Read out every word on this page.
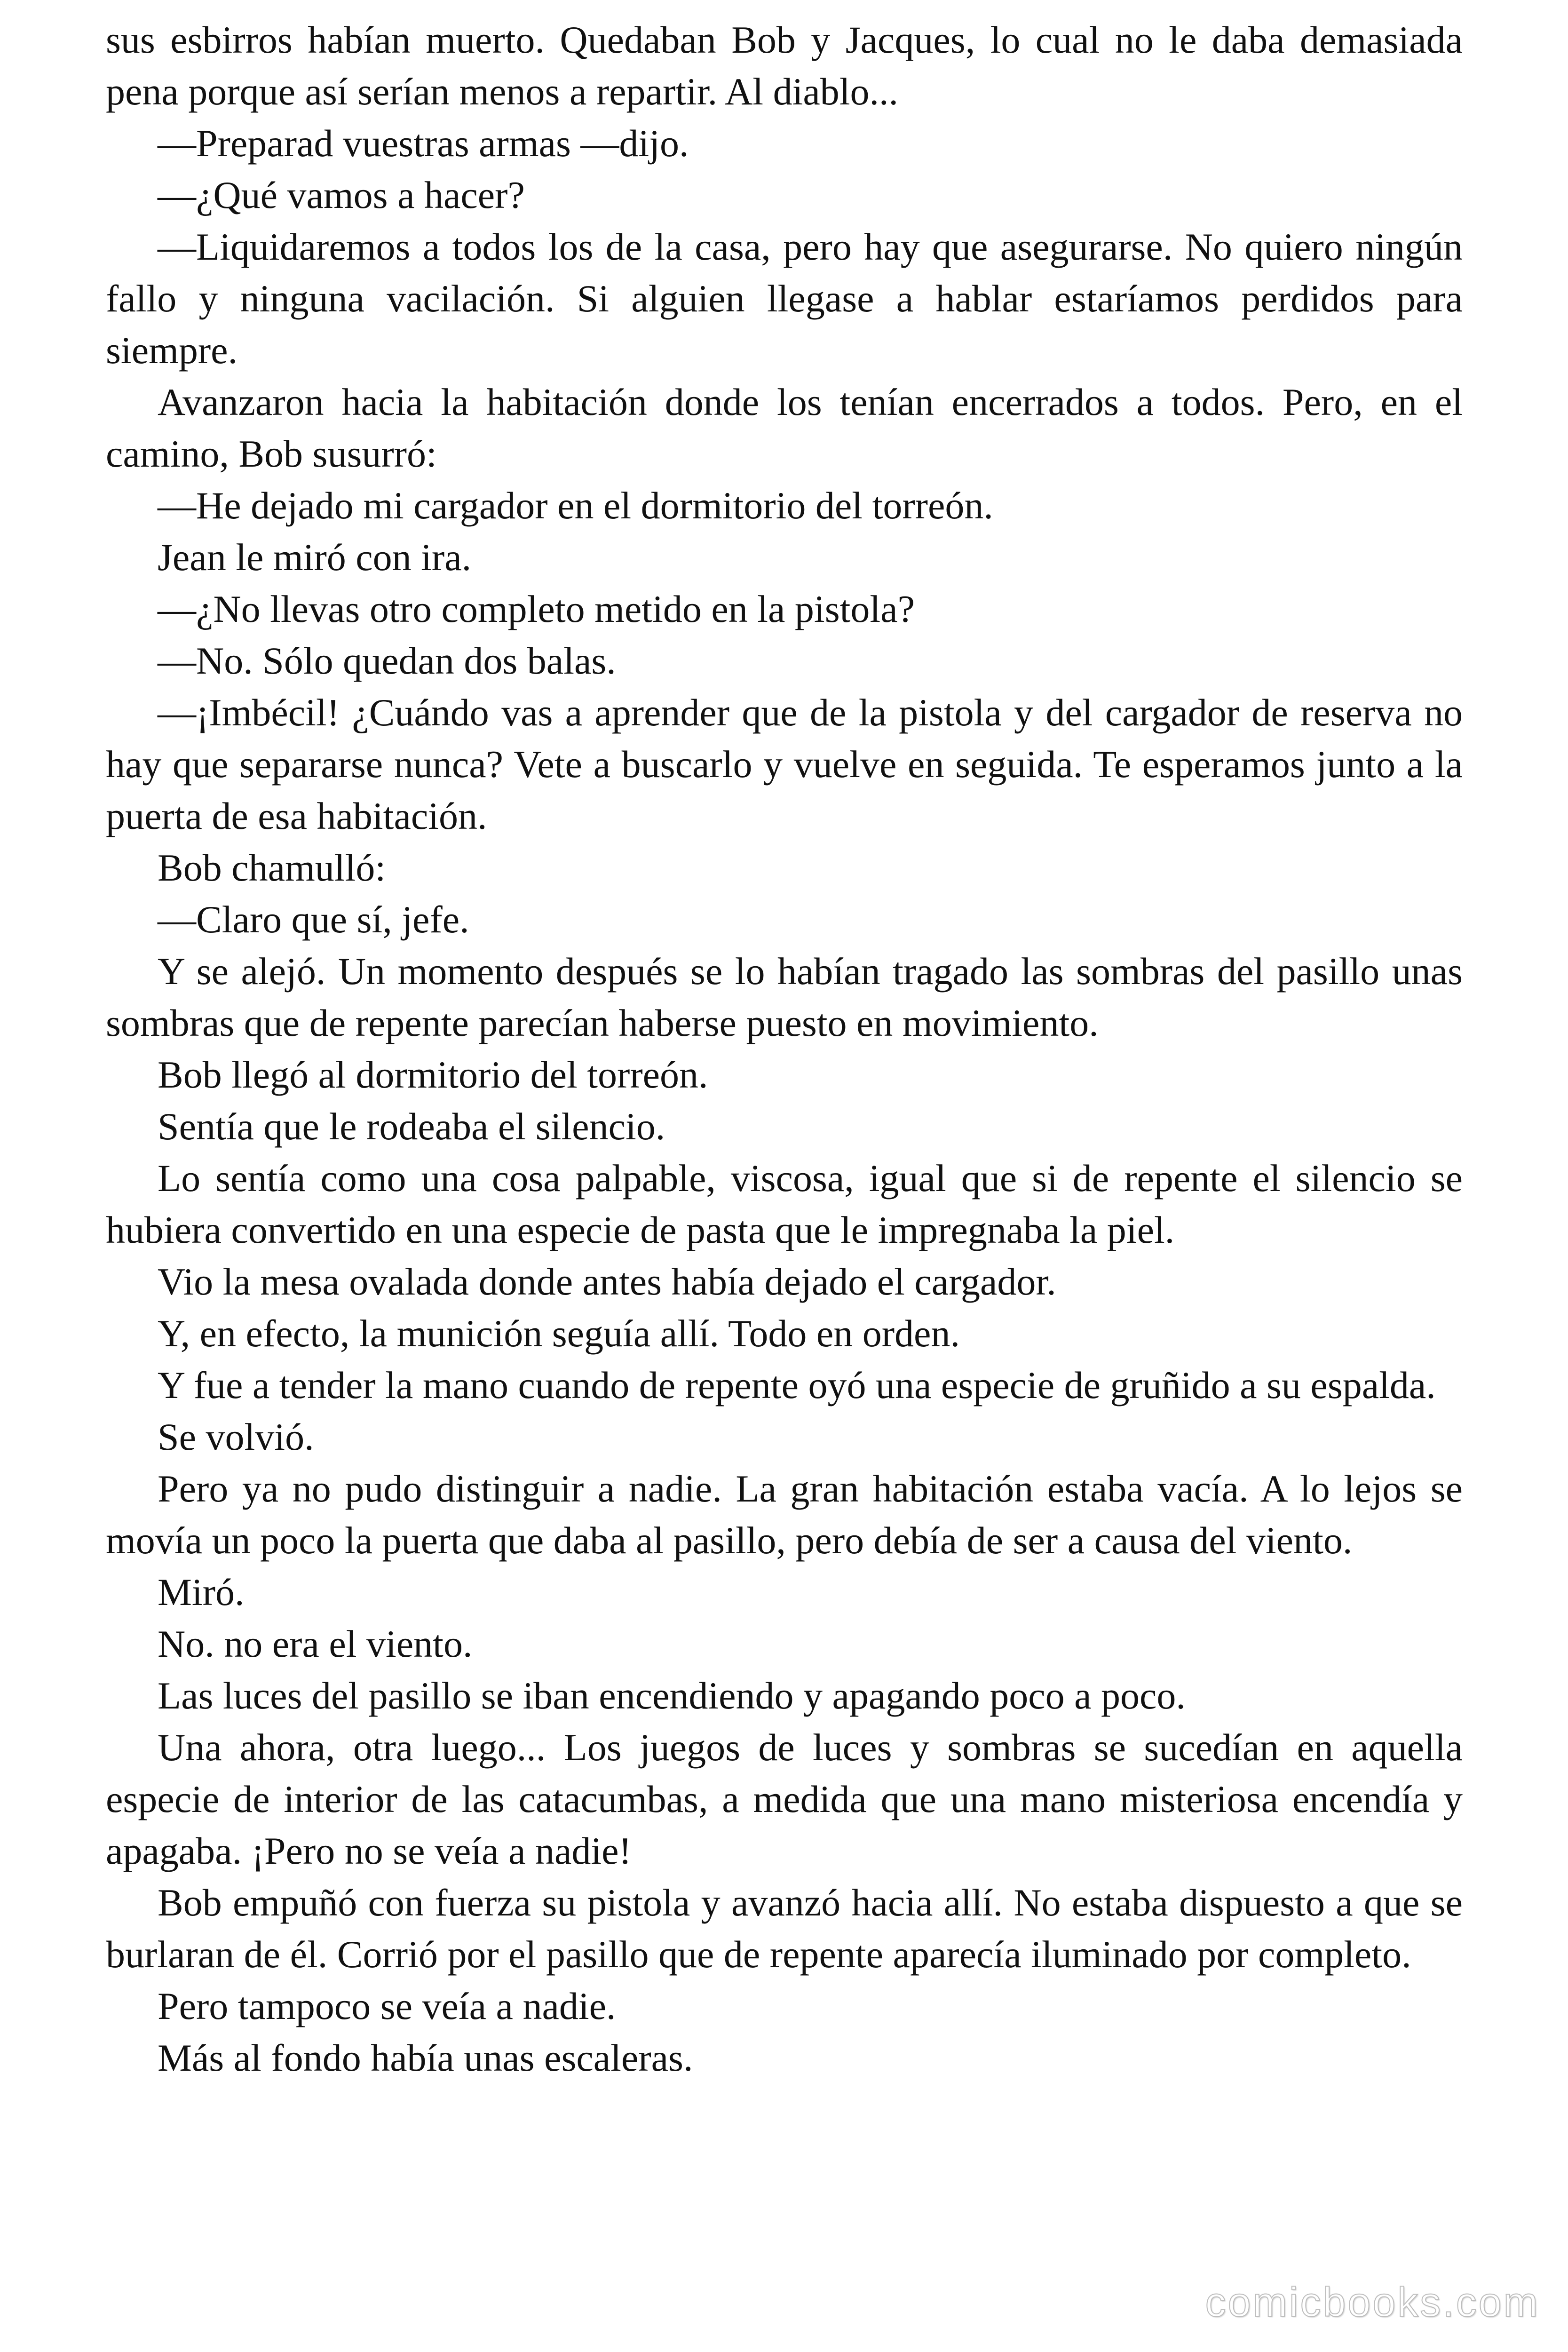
sus esbirros habían muerto. Quedaban Bob y Jacques, lo cual no le daba demasiada pena porque así serían menos a repartir. Al diablo...

—Preparad vuestras armas —dijo.

—¿Qué vamos a hacer?

—Liquidaremos a todos los de la casa, pero hay que asegurarse. No quiero ningún fallo y ninguna vacilación. Si alguien llegase a hablar estaríamos perdidos para siempre.

Avanzaron hacia la habitación donde los tenían encerrados a todos. Pero, en el camino, Bob susurró:

—He dejado mi cargador en el dormitorio del torreón.

Jean le miró con ira.

—¿No llevas otro completo metido en la pistola?

—No. Sólo quedan dos balas.

—¡Imbécil! ¿Cuándo vas a aprender que de la pistola y del cargador de reserva no hay que separarse nunca? Vete a buscarlo y vuelve en seguida. Te esperamos junto a la puerta de esa habitación.

Bob chamulló:

—Claro que sí, jefe.

Y se alejó. Un momento después se lo habían tragado las sombras del pasillo unas sombras que de repente parecían haberse puesto en movimiento.

Bob llegó al dormitorio del torreón.

Sentía que le rodeaba el silencio.

Lo sentía como una cosa palpable, viscosa, igual que si de repente el silencio se hubiera convertido en una especie de pasta que le impregnaba la piel.

Vio la mesa ovalada donde antes había dejado el cargador.

Y, en efecto, la munición seguía allí. Todo en orden.

Y fue a tender la mano cuando de repente oyó una especie de gruñido a su espalda.

Se volvió.

Pero ya no pudo distinguir a nadie. La gran habitación estaba vacía. A lo lejos se movía un poco la puerta que daba al pasillo, pero debía de ser a causa del viento.

Miró.

No. no era el viento.

Las luces del pasillo se iban encendiendo y apagando poco a poco.

Una ahora, otra luego... Los juegos de luces y sombras se sucedían en aquella especie de interior de las catacumbas, a medida que una mano misteriosa encendía y apagaba. ¡Pero no se veía a nadie!

Bob empuñó con fuerza su pistola y avanzó hacia allí. No estaba dispuesto a que se burlaran de él. Corrió por el pasillo que de repente aparecía iluminado por completo.

Pero tampoco se veía a nadie.

Más al fondo había unas escaleras.

comicbooks.com
